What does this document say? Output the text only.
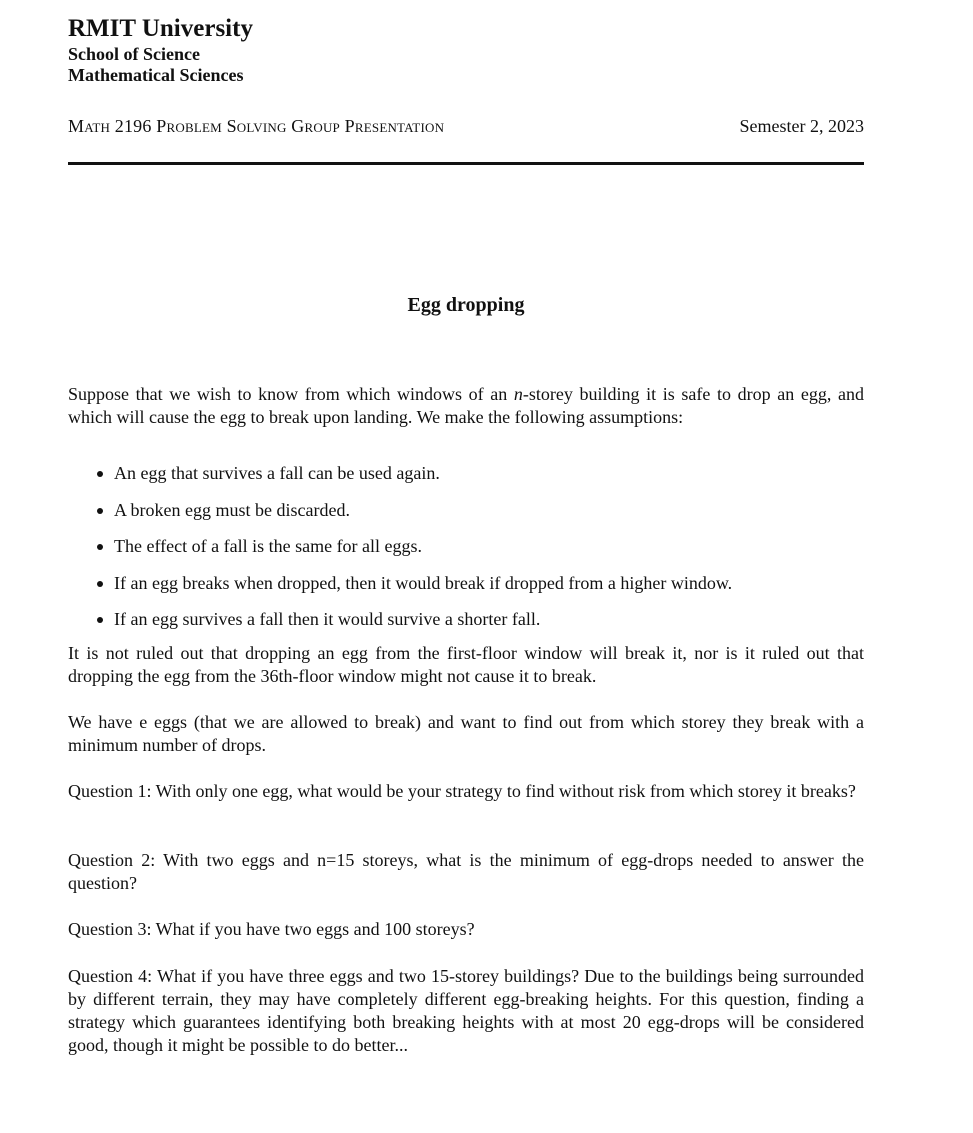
RMIT University
School of Science
Mathematical Sciences
Math 2196 Problem Solving Group Presentation	Semester 2, 2023
Egg dropping
Suppose that we wish to know from which windows of an n-storey building it is safe to drop an egg, and which will cause the egg to break upon landing. We make the following assumptions:
An egg that survives a fall can be used again.
A broken egg must be discarded.
The effect of a fall is the same for all eggs.
If an egg breaks when dropped, then it would break if dropped from a higher window.
If an egg survives a fall then it would survive a shorter fall.
It is not ruled out that dropping an egg from the first-floor window will break it, nor is it ruled out that dropping the egg from the 36th-floor window might not cause it to break.
We have e eggs (that we are allowed to break) and want to find out from which storey they break with a minimum number of drops.
Question 1: With only one egg, what would be your strategy to find without risk from which storey it breaks?
Question 2: With two eggs and n=15 storeys, what is the minimum of egg-drops needed to answer the question?
Question 3: What if you have two eggs and 100 storeys?
Question 4: What if you have three eggs and two 15-storey buildings? Due to the buildings being surrounded by different terrain, they may have completely different egg-breaking heights. For this question, finding a strategy which guarantees identifying both breaking heights with at most 20 egg-drops will be considered good, though it might be possible to do better...
